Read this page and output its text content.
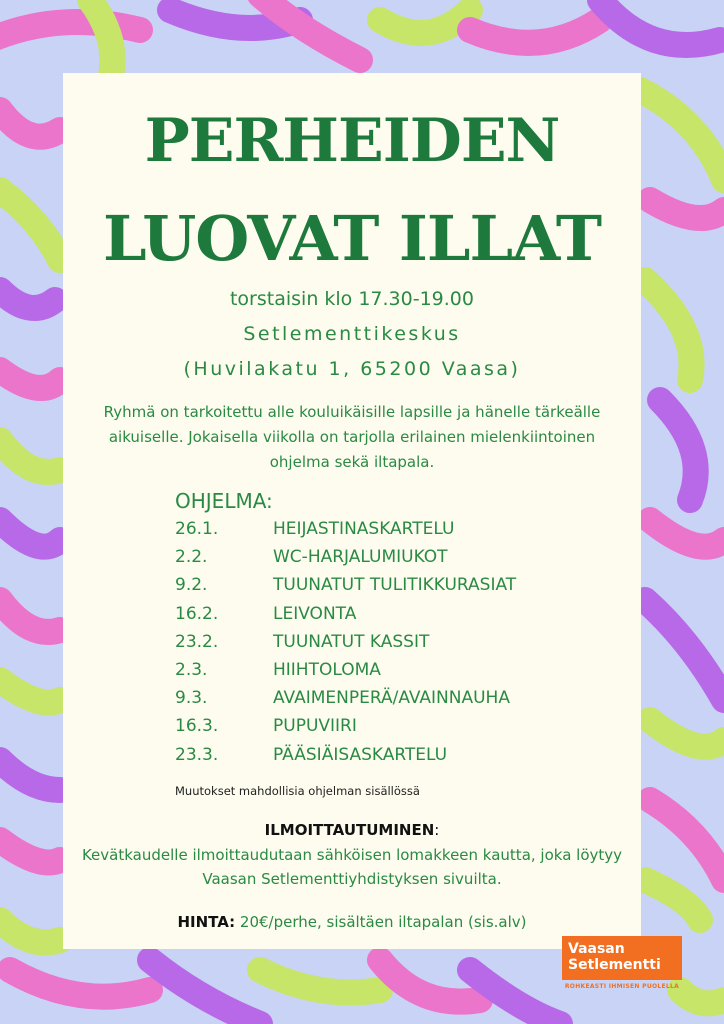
PERHEIDEN
LUOVAT ILLAT
torstaisin klo 17.30-19.00
Setlementtikeskus
(Huvilakatu 1, 65200 Vaasa)
Ryhmä on tarkoitettu alle kouluikäisille lapsille ja hänelle tärkeälle aikuiselle. Jokaisella viikolla on tarjolla erilainen mielenkiintoinen ohjelma sekä iltapala.
OHJELMA:
26.1.	HEIJASTINASKARTELU
2.2.	WC-HARJALUMIUKOT
9.2.	TUUNATUT TULITIKKURASIAT
16.2.	LEIVONTA
23.2.	TUUNATUT KASSIT
2.3.	HIIHTOLOMA
9.3.	AVAIMENPERÄ/AVAINNAUHA
16.3.	PUPUVIIRI
23.3.	PÄÄSIÄISASKARTELU
Muutokset mahdollisia ohjelman sisällössä
ILMOITTAUTUMINEN:
Kevätkaudelle ilmoittaudutaan sähköisen lomakkeen kautta, joka löytyy Vaasan Setlementtiyhdistyksen sivuilta.
HINTA: 20€/perhe, sisältäen iltapalan (sis.alv)
Vaasan
Setlementti
ROHKEASTI IHMISEN PUOLELLA
